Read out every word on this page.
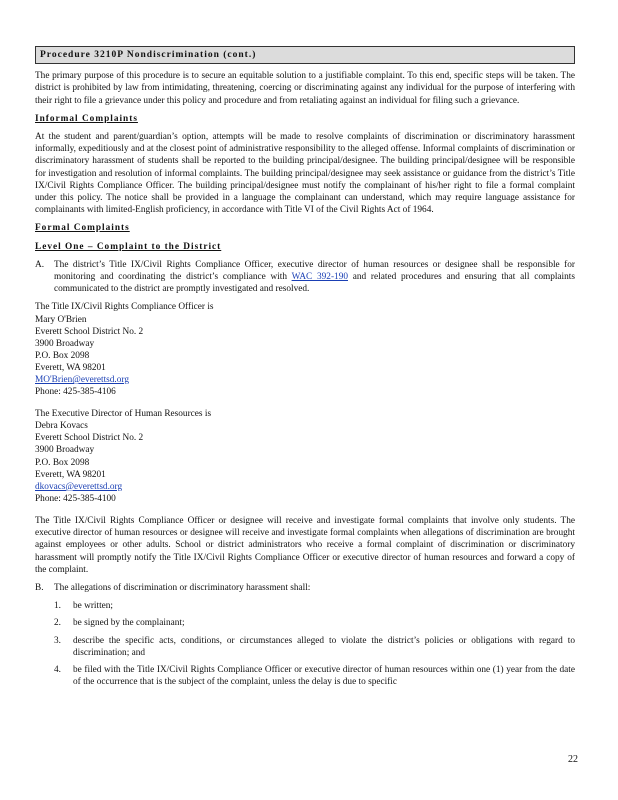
Procedure 3210P Nondiscrimination (cont.)

The primary purpose of this procedure is to secure an equitable solution to a justifiable complaint. To this end, specific steps will be taken. The district is prohibited by law from intimidating, threatening, coercing or discriminating against any individual for the purpose of interfering with their right to file a grievance under this policy and procedure and from retaliating against an individual for filing such a grievance.

Informal Complaints

At the student and parent/guardian’s option, attempts will be made to resolve complaints of discrimination or discriminatory harassment informally, expeditiously and at the closest point of administrative responsibility to the alleged offense. Informal complaints of discrimination or discriminatory harassment of students shall be reported to the building principal/designee. The building principal/designee will be responsible for investigation and resolution of informal complaints. The building principal/designee may seek assistance or guidance from the district’s Title IX/Civil Rights Compliance Officer. The building principal/designee must notify the complainant of his/her right to file a formal complaint under this policy. The notice shall be provided in a language the complainant can understand, which may require language assistance for complainants with limited-English proficiency, in accordance with Title VI of the Civil Rights Act of 1964.

Formal Complaints
Level One – Complaint to the District
A.	The district’s Title IX/Civil Rights Compliance Officer, executive director of human resources or designee shall be responsible for monitoring and coordinating the district’s compliance with WAC 392-190 and related procedures and ensuring that all complaints communicated to the district are promptly investigated and resolved.
The Title IX/Civil Rights Compliance Officer is
Mary O'Brien
Everett School District No. 2
3900 Broadway
P.O. Box 2098
Everett, WA 98201
MO'Brien@everettsd.org
Phone: 425-385-4106
The Executive Director of Human Resources is
Debra Kovacs
Everett School District No. 2
3900 Broadway
P.O. Box 2098
Everett, WA 98201
dkovacs@everettsd.org
Phone: 425-385-4100

The Title IX/Civil Rights Compliance Officer or designee will receive and investigate formal complaints that involve only students. The executive director of human resources or designee will receive and investigate formal complaints when allegations of discrimination are brought against employees or other adults. School or district administrators who receive a formal complaint of discrimination or discriminatory harassment will promptly notify the Title IX/Civil Rights Compliance Officer or executive director of human resources and forward a copy of the complaint.

B.	The allegations of discrimination or discriminatory harassment shall:
1.	be written;
2.	be signed by the complainant;
3.	describe the specific acts, conditions, or circumstances alleged to violate the district’s policies or obligations with regard to discrimination; and
4.	be filed with the Title IX/Civil Rights Compliance Officer or executive director of human resources within one (1) year from the date of the occurrence that is the subject of the complaint, unless the delay is due to specific
22
